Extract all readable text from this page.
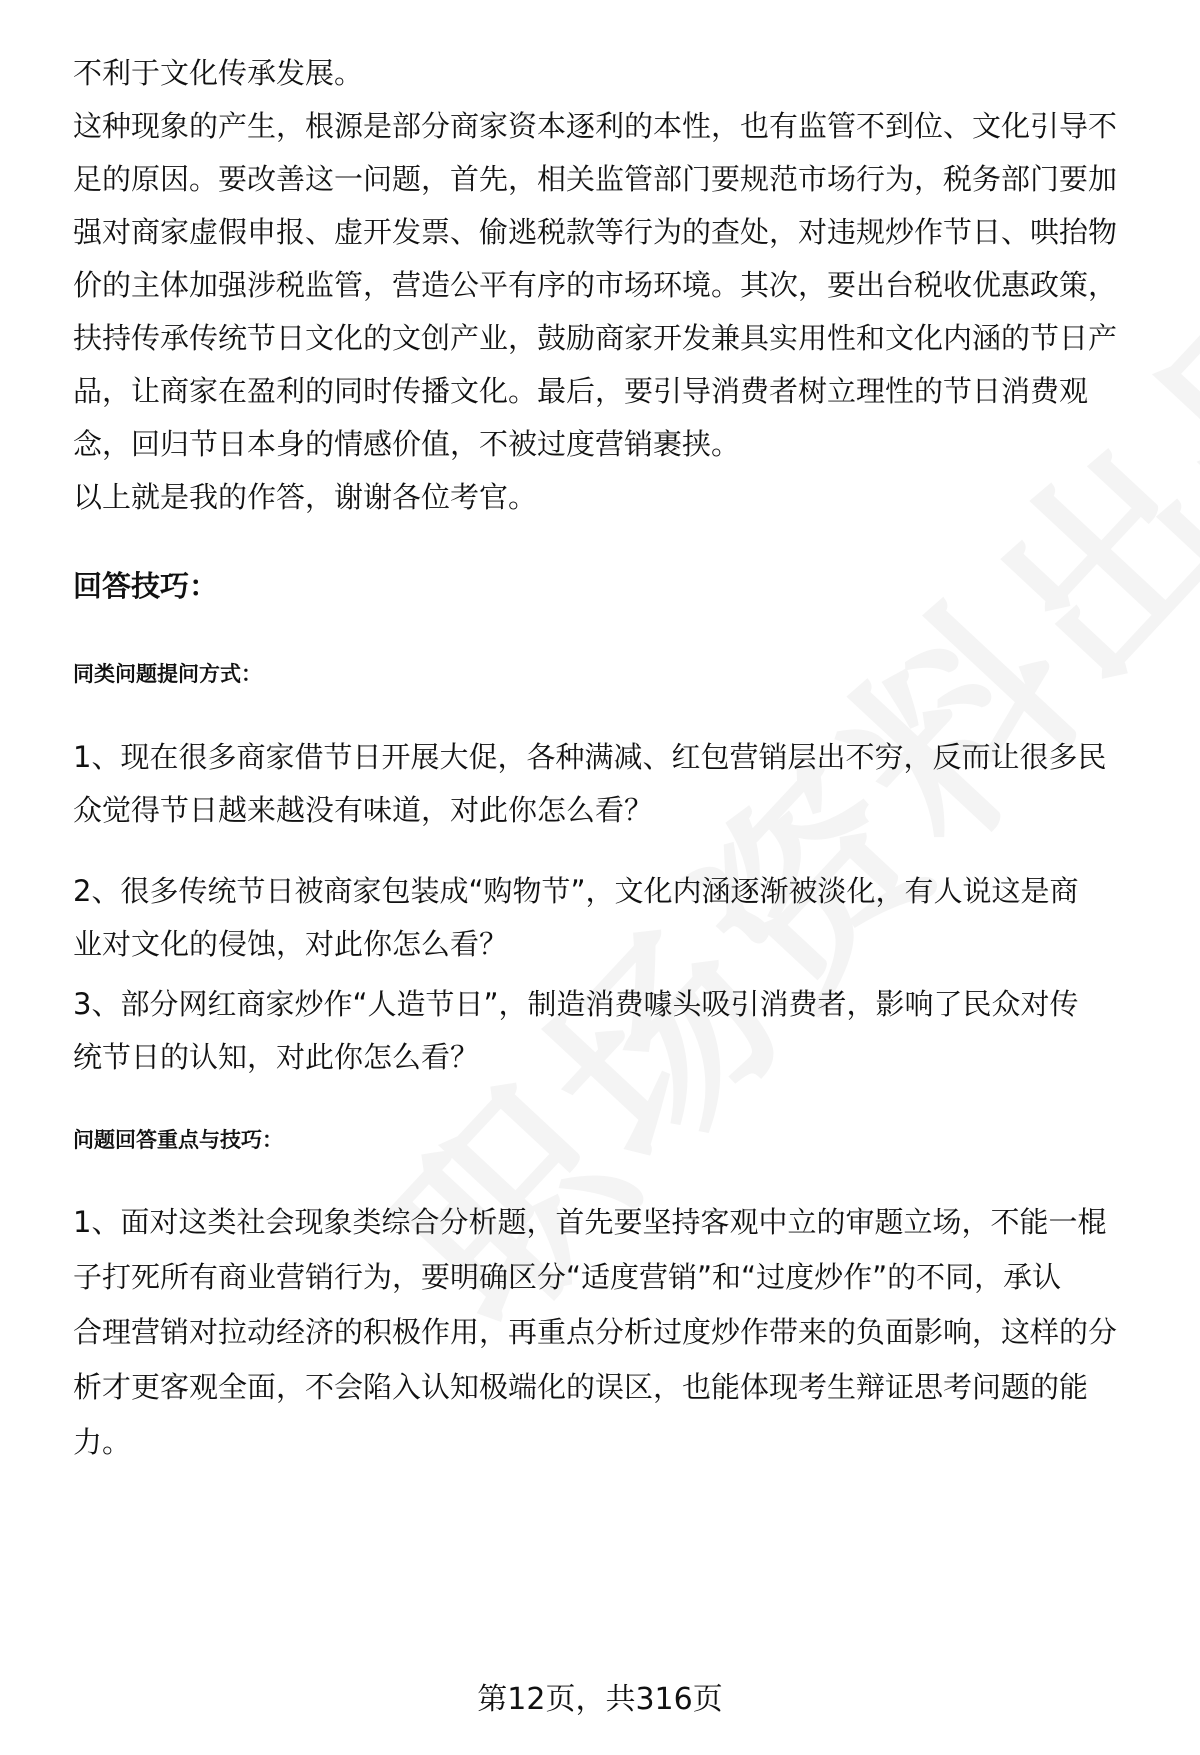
不利于文化传承发展。
这种现象的产生，根源是部分商家资本逐利的本性，也有监管不到位、文化引导不
足的原因。要改善这一问题，首先，相关监管部门要规范市场行为，税务部门要加
强对商家虚假申报、虚开发票、偷逃税款等行为的查处，对违规炒作节日、哄抬物
价的主体加强涉税监管，营造公平有序的市场环境。其次，要出台税收优惠政策，
扶持传承传统节日文化的文创产业，鼓励商家开发兼具实用性和文化内涵的节日产
品，让商家在盈利的同时传播文化。最后，要引导消费者树立理性的节日消费观
念，回归节日本身的情感价值，不被过度营销裹挟。
以上就是我的作答，谢谢各位考官。
回答技巧：
同类问题提问方式：
1、现在很多商家借节日开展大促，各种满减、红包营销层出不穷，反而让很多民
众觉得节日越来越没有味道，对此你怎么看？
2、很多传统节日被商家包装成“购物节”，文化内涵逐渐被淡化，有人说这是商
业对文化的侵蚀，对此你怎么看？
3、部分网红商家炒作“人造节日”，制造消费噱头吸引消费者，影响了民众对传
统节日的认知，对此你怎么看？
问题回答重点与技巧：
1、面对这类社会现象类综合分析题，首先要坚持客观中立的审题立场，不能一棍
子打死所有商业营销行为，要明确区分“适度营销”和“过度炒作”的不同，承认
合理营销对拉动经济的积极作用，再重点分析过度炒作带来的负面影响，这样的分
析才更客观全面，不会陷入认知极端化的误区，也能体现考生辩证思考问题的能
力。
第12页，共316页
